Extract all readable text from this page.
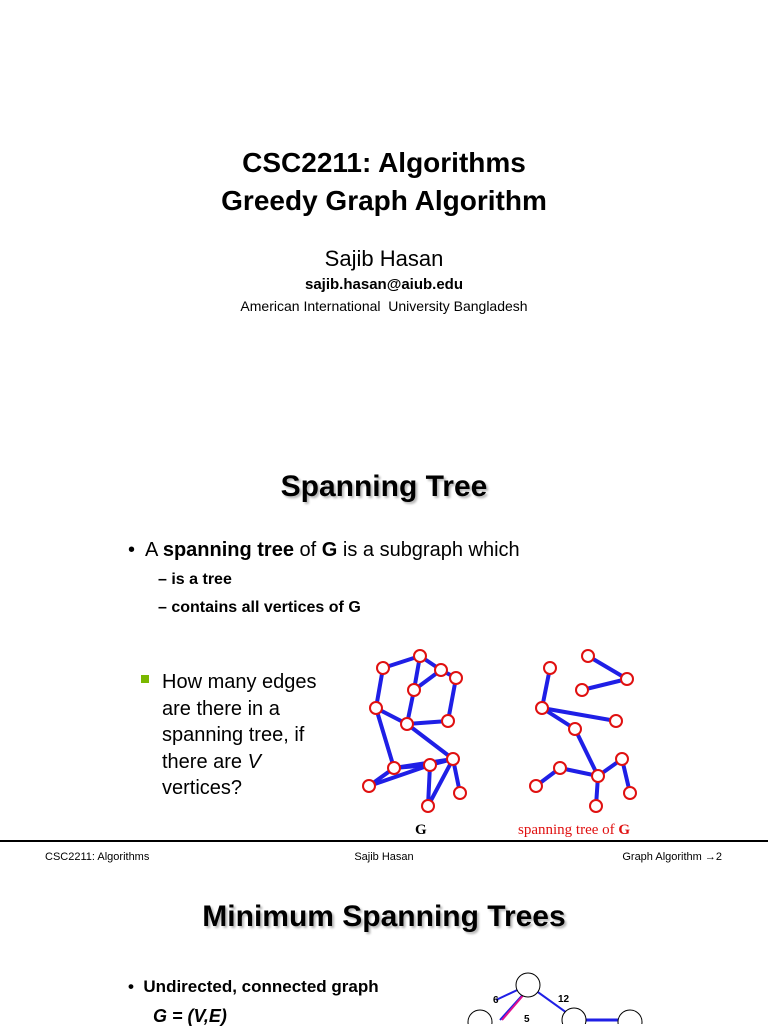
CSC2211: Algorithms
Greedy Graph Algorithm
Sajib Hasan
sajib.hasan@aiub.edu
American International  University Bangladesh
Spanning Tree
• A spanning tree of G is a subgraph which
– is a tree
– contains all vertices of G
How many edges
are there in a
spanning tree, if
there are V
vertices?
6	12
5
G	spanning tree of G
CSC2211: Algorithms	Sajib Hasan	Graph Algorithm →2
Minimum Spanning Trees
• Undirected, connected graph
G = (V,E)
